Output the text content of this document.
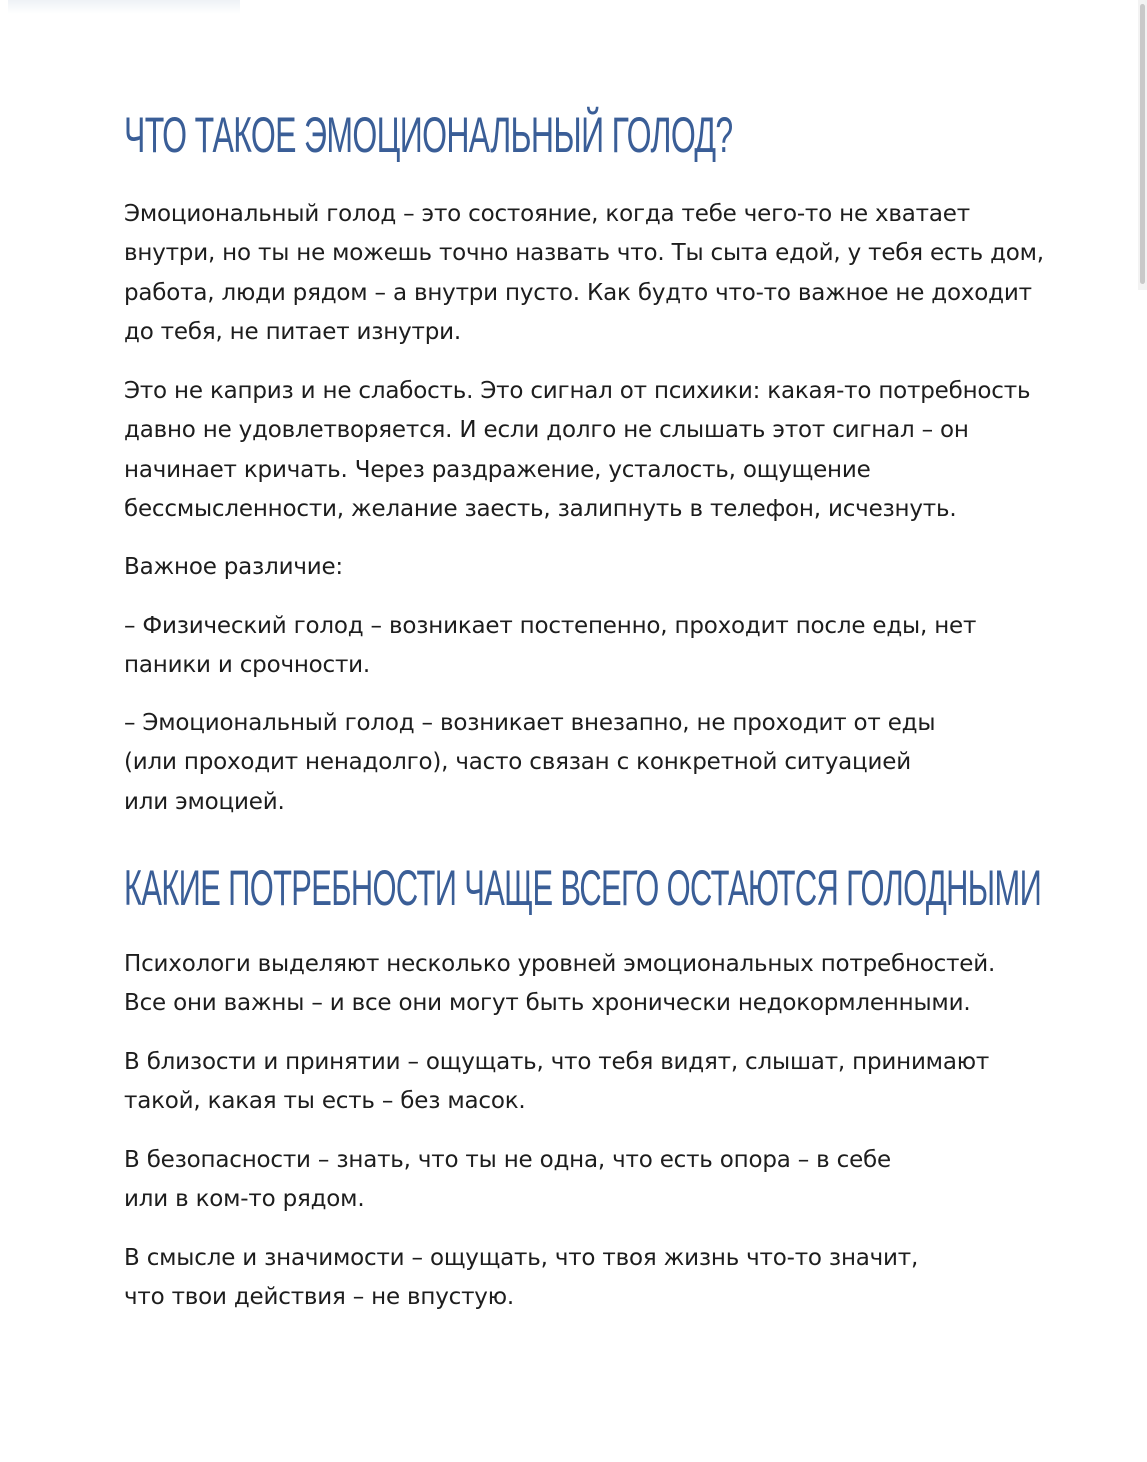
ЧТО ТАКОЕ ЭМОЦИОНАЛЬНЫЙ ГОЛОД?

Эмоциональный голод – это состояние, когда тебе чего-то не хватает
внутри, но ты не можешь точно назвать что. Ты сыта едой, у тебя есть дом,
работа, люди рядом – а внутри пусто. Как будто что-то важное не доходит
до тебя, не питает изнутри.

Это не каприз и не слабость. Это сигнал от психики: какая-то потребность
давно не удовлетворяется. И если долго не слышать этот сигнал – он
начинает кричать. Через раздражение, усталость, ощущение
бессмысленности, желание заесть, залипнуть в телефон, исчезнуть.

Важное различие:

– Физический голод – возникает постепенно, проходит после еды, нет
паники и срочности.

– Эмоциональный голод – возникает внезапно, не проходит от еды
(или проходит ненадолго), часто связан с конкретной ситуацией
или эмоцией.

КАКИЕ ПОТРЕБНОСТИ ЧАЩЕ ВСЕГО ОСТАЮТСЯ ГОЛОДНЫМИ

Психологи выделяют несколько уровней эмоциональных потребностей.
Все они важны – и все они могут быть хронически недокормленными.

В близости и принятии – ощущать, что тебя видят, слышат, принимают
такой, какая ты есть – без масок.

В безопасности – знать, что ты не одна, что есть опора – в себе
или в ком-то рядом.

В смысле и значимости – ощущать, что твоя жизнь что-то значит,
что твои действия – не впустую.
